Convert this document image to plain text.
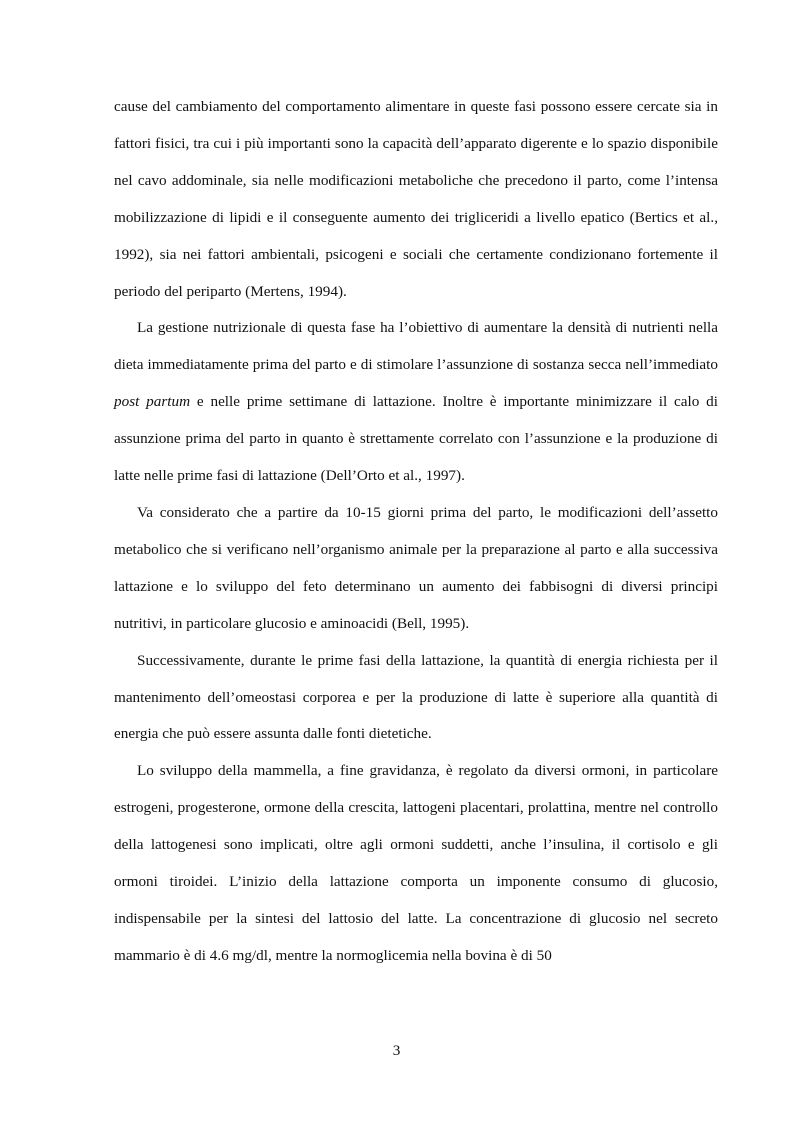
cause del cambiamento del comportamento alimentare in queste fasi possono essere cercate sia in fattori fisici, tra cui i più importanti sono la capacità dell’apparato digerente e lo spazio disponibile nel cavo addominale, sia nelle modificazioni metaboliche che precedono il parto, come l’intensa mobilizzazione di lipidi e il conseguente aumento dei trigliceridi a livello epatico (Bertics et al., 1992), sia nei fattori ambientali, psicogeni e sociali che certamente condizionano fortemente il periodo del periparto (Mertens, 1994).

La gestione nutrizionale di questa fase ha l’obiettivo di aumentare la densità di nutrienti nella dieta immediatamente prima del parto e di stimolare l’assunzione di sostanza secca nell’immediato post partum e nelle prime settimane di lattazione. Inoltre è importante minimizzare il calo di assunzione prima del parto in quanto è strettamente correlato con l’assunzione e la produzione di latte nelle prime fasi di lattazione (Dell’Orto et al., 1997).

Va considerato che a partire da 10-15 giorni prima del parto, le modificazioni dell’assetto metabolico che si verificano nell’organismo animale per la preparazione al parto e alla successiva lattazione e lo sviluppo del feto determinano un aumento dei fabbisogni di diversi principi nutritivi, in particolare glucosio e aminoacidi (Bell, 1995).

Successivamente, durante le prime fasi della lattazione, la quantità di energia richiesta per il mantenimento dell’omeostasi corporea e per la produzione di latte è superiore alla quantità di energia che può essere assunta dalle fonti dietetiche.

Lo sviluppo della mammella, a fine gravidanza, è regolato da diversi ormoni, in particolare estrogeni, progesterone, ormone della crescita, lattogeni placentari, prolattina, mentre nel controllo della lattogenesi sono implicati, oltre agli ormoni suddetti, anche l’insulina, il cortisolo e gli ormoni tiroidei. L’inizio della lattazione comporta un imponente consumo di glucosio, indispensabile per la sintesi del lattosio del latte. La concentrazione di glucosio nel secreto mammario è di 4.6 mg/dl, mentre la normoglicemia nella bovina è di 50

3
